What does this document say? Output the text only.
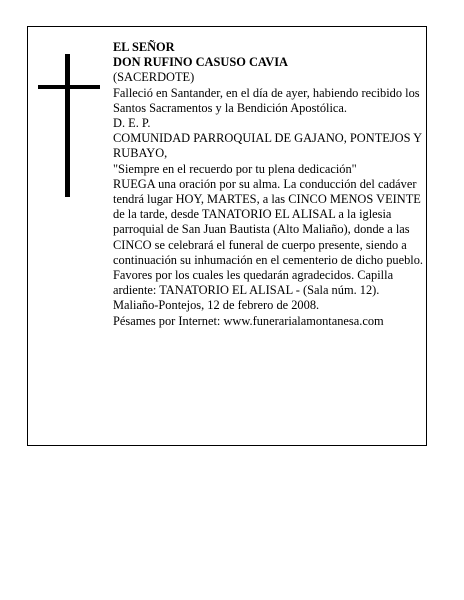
EL SEÑOR

DON RUFINO CASUSO CAVIA

(SACERDOTE)

Falleció en Santander, en el día de ayer, habiendo recibido los Santos Sacramentos y la Bendición Apostólica.

D. E. P.

COMUNIDAD PARROQUIAL DE GAJANO, PONTEJOS Y RUBAYO,

"Siempre en el recuerdo por tu plena dedicación"

RUEGA una oración por su alma. La conducción del cadáver tendrá lugar HOY, MARTES, a las CINCO MENOS VEINTE de la tarde, desde TANATORIO EL ALISAL a la iglesia parroquial de San Juan Bautista (Alto Maliaño), donde a las CINCO se celebrará el funeral de cuerpo presente, siendo a continuación su inhumación en el cementerio de dicho pueblo. Favores por los cuales les quedarán agradecidos. Capilla ardiente: TANATORIO EL ALISAL - (Sala núm. 12).

Maliaño-Pontejos, 12 de febrero de 2008.

Pésames por Internet: www.funerarialamontanesa.com
